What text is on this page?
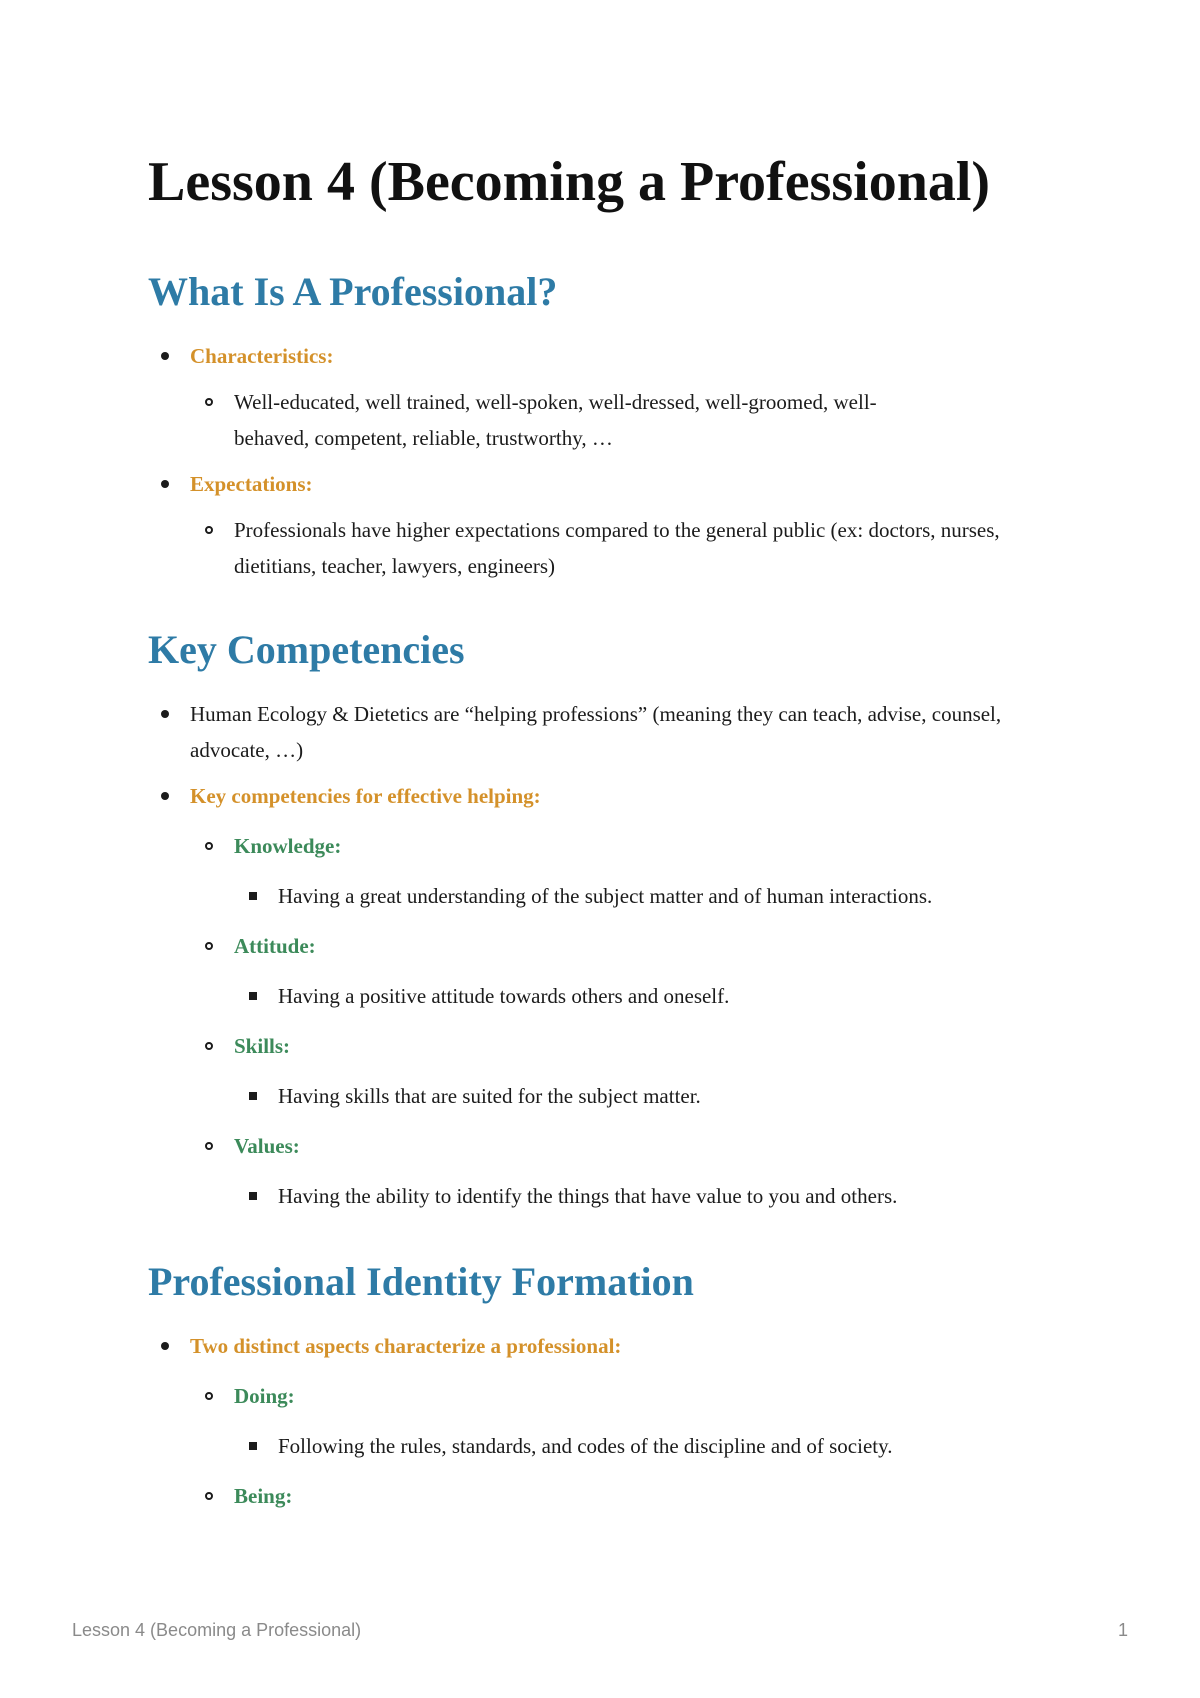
Lesson 4 (Becoming a Professional)
What Is A Professional?
Characteristics:
Well-educated, well trained, well-spoken, well-dressed, well-groomed, well-behaved, competent, reliable, trustworthy, …
Expectations:
Professionals have higher expectations compared to the general public (ex: doctors, nurses, dietitians, teacher, lawyers, engineers)
Key Competencies
Human Ecology & Dietetics are “helping professions” (meaning they can teach, advise, counsel, advocate, …)
Key competencies for effective helping:
Knowledge:
Having a great understanding of the subject matter and of human interactions.
Attitude:
Having a positive attitude towards others and oneself.
Skills:
Having skills that are suited for the subject matter.
Values:
Having the ability to identify the things that have value to you and others.
Professional Identity Formation
Two distinct aspects characterize a professional:
Doing:
Following the rules, standards, and codes of the discipline and of society.
Being:
Lesson 4 (Becoming a Professional)	1
